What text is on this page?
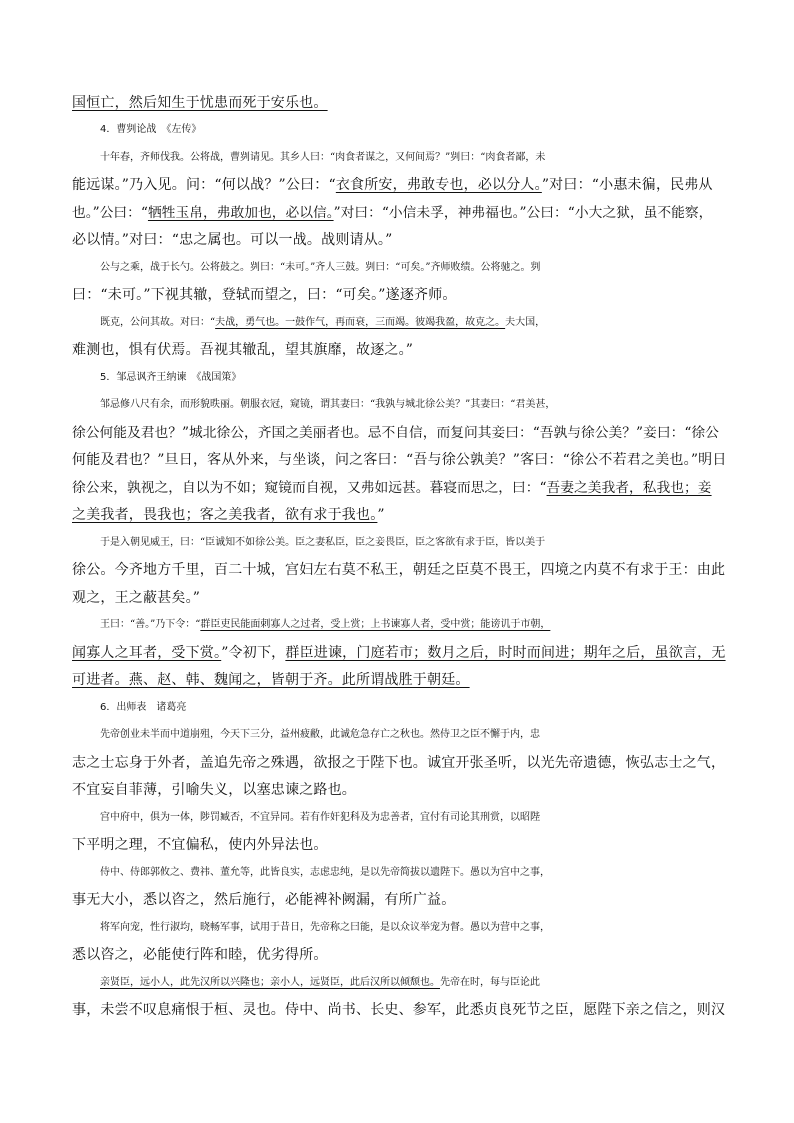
国恒亡，然后知生于忧患而死于安乐也。
4．曹刿论战　《左传》
十年春，齐师伐我。公将战，曹刿请见。其乡人曰：“肉食者谋之，又何间焉？”刿曰：“肉食者鄙，未
能远谋。”乃入见。问：“何以战？”公曰：“衣食所安，弗敢专也，必以分人。”对曰：“小惠未徧，民弗从
也。”公曰：“牺牲玉帛，弗敢加也，必以信。”对曰：“小信未孚，神弗福也。”公曰：“小大之狱，虽不能察，
必以情。”对曰：“忠之属也。可以一战。战则请从。”
公与之乘，战于长勺。公将鼓之。刿曰：“未可。”齐人三鼓。刿曰：“可矣。”齐师败绩。公将驰之。刿
曰：“未可。”下视其辙，登轼而望之，曰：“可矣。”遂逐齐师。
既克，公问其故。对曰：“夫战，勇气也。一鼓作气，再而衰，三而竭。彼竭我盈，故克之。夫大国，
难测也，惧有伏焉。吾视其辙乱，望其旗靡，故逐之。”
5．邹忌讽齐王纳谏　《战国策》
邹忌修八尺有余，而形貌昳丽。朝服衣冠，窥镜，谓其妻曰：“我孰与城北徐公美？”其妻曰：“君美甚，
徐公何能及君也？”城北徐公，齐国之美丽者也。忌不自信，而复问其妾曰：“吾孰与徐公美？”妾曰：“徐公
何能及君也？”旦日，客从外来，与坐谈，问之客曰：“吾与徐公孰美？”客曰：“徐公不若君之美也。”明日
徐公来，孰视之，自以为不如；窥镜而自视，又弗如远甚。暮寝而思之，曰：“吾妻之美我者，私我也；妾
之美我者，畏我也；客之美我者，欲有求于我也。”
于是入朝见威王，曰：“臣诚知不如徐公美。臣之妻私臣，臣之妾畏臣，臣之客欲有求于臣，皆以美于
徐公。今齐地方千里，百二十城，宫妇左右莫不私王，朝廷之臣莫不畏王，四境之内莫不有求于王：由此
观之，王之蔽甚矣。”
王曰：“善。”乃下令：“群臣吏民能面刺寡人之过者，受上赏；上书谏寡人者，受中赏；能谤讥于市朝，
闻寡人之耳者，受下赏。”令初下，群臣进谏，门庭若市；数月之后，时时而间进；期年之后，虽欲言，无
可进者。燕、赵、韩、魏闻之，皆朝于齐。此所谓战胜于朝廷。
6．出师表　诸葛亮
先帝创业未半而中道崩殂，今天下三分，益州疲敝，此诚危急存亡之秋也。然侍卫之臣不懈于内，忠
志之士忘身于外者，盖追先帝之殊遇，欲报之于陛下也。诚宜开张圣听，以光先帝遗德，恢弘志士之气，
不宜妄自菲薄，引喻失义，以塞忠谏之路也。
宫中府中，俱为一体，陟罚臧否，不宜异同。若有作奸犯科及为忠善者，宜付有司论其刑赏，以昭陛
下平明之理，不宜偏私，使内外异法也。
侍中、侍郎郭攸之、费祎、董允等，此皆良实，志虑忠纯，是以先帝简拔以遗陛下。愚以为宫中之事，
事无大小，悉以咨之，然后施行，必能裨补阙漏，有所广益。
将军向宠，性行淑均，晓畅军事，试用于昔日，先帝称之曰能，是以众议举宠为督。愚以为营中之事，
悉以咨之，必能使行阵和睦，优劣得所。
亲贤臣，远小人，此先汉所以兴隆也；亲小人，远贤臣，此后汉所以倾颓也。先帝在时，每与臣论此
事，未尝不叹息痛恨于桓、灵也。侍中、尚书、长史、参军，此悉贞良死节之臣，愿陛下亲之信之，则汉
